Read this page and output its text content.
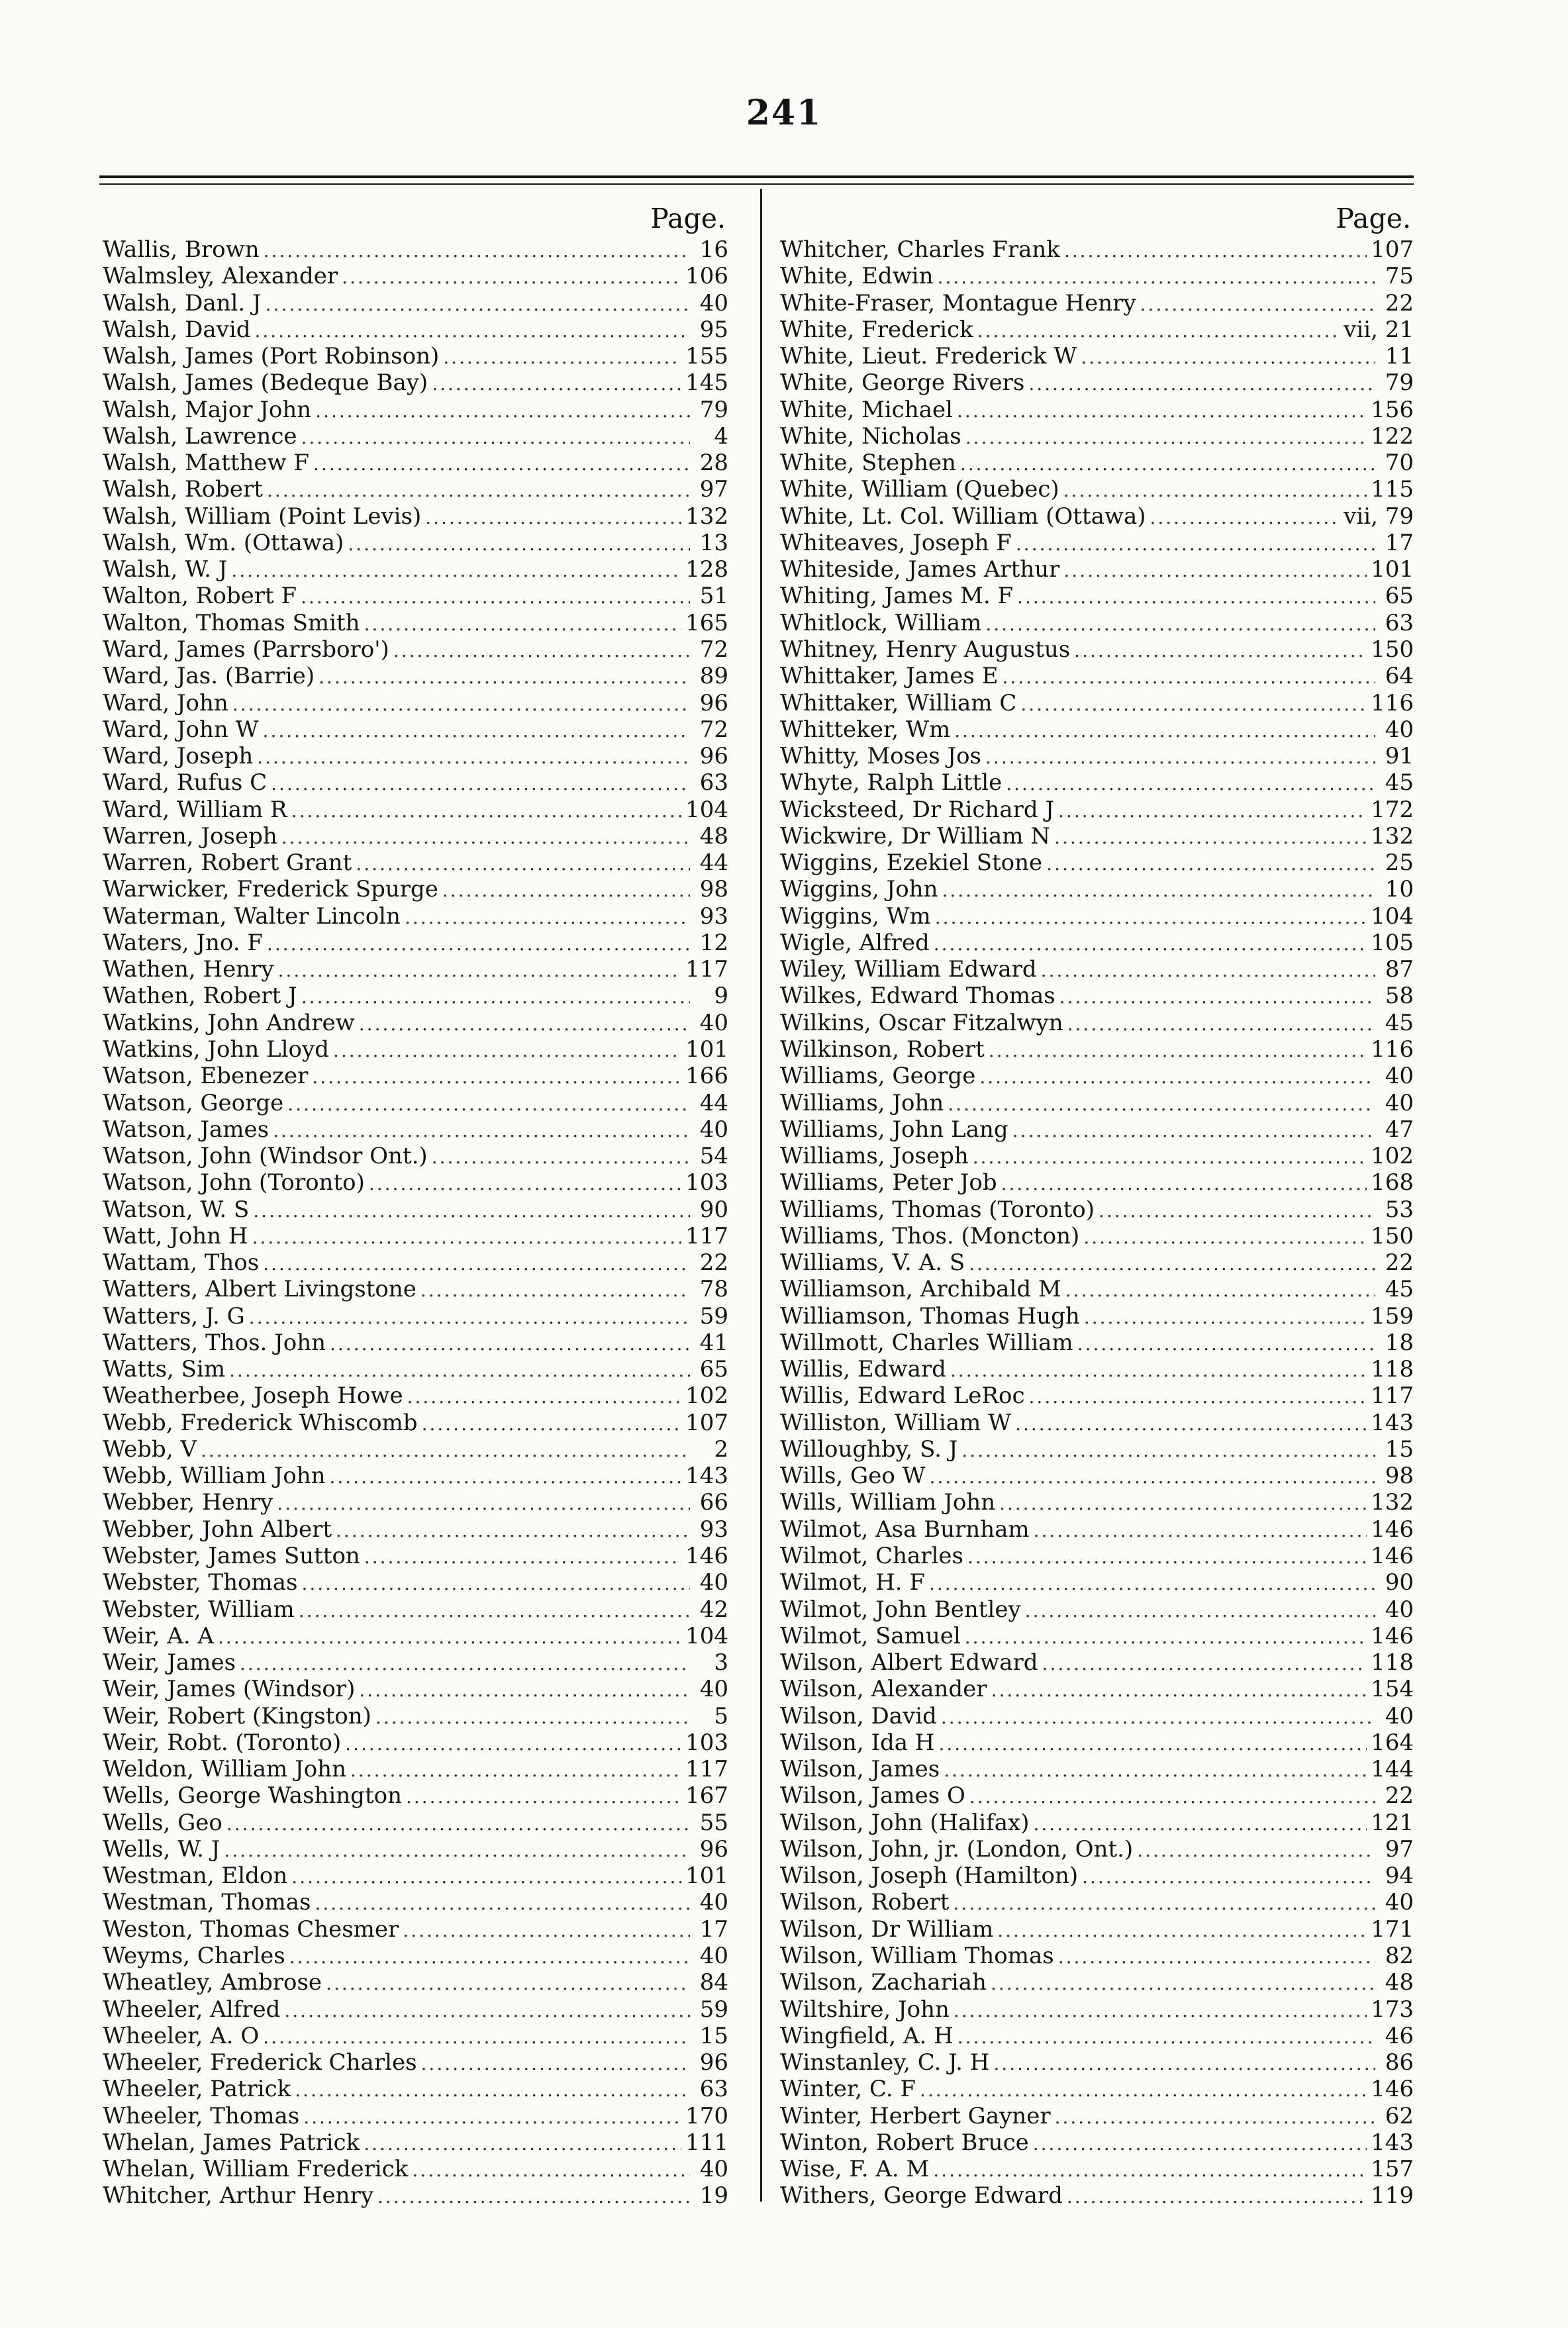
241
Page.
Wallis, Brown .....	16
Walmsley, Alexander .....	106
Walsh, Danl. J .....	40
Walsh, David .....	95
Walsh, James (Port Robinson) .....	155
Walsh, James (Bedeque Bay) .....	145
Walsh, Major John .....	79
Walsh, Lawrence .....	4
Walsh, Matthew F .....	28
Walsh, Robert .....	97
Walsh, William (Point Levis) .....	132
Walsh, Wm. (Ottawa) .....	13
Walsh, W. J .....	128
Walton, Robert F .....	51
Walton, Thomas Smith .....	165
Ward, James (Parrsboro') .....	72
Ward, Jas. (Barrie) .....	89
Ward, John .....	96
Ward, John W .....	72
Ward, Joseph .....	96
Ward, Rufus C .....	63
Ward, William R .....	104
Warren, Joseph .....	48
Warren, Robert Grant .....	44
Warwicker, Frederick Spurge .....	98
Waterman, Walter Lincoln .....	93
Waters, Jno. F .....	12
Wathen, Henry .....	117
Wathen, Robert J .....	9
Watkins, John Andrew .....	40
Watkins, John Lloyd .....	101
Watson, Ebenezer .....	166
Watson, George .....	44
Watson, James .....	40
Watson, John (Windsor Ont.) .....	54
Watson, John (Toronto) .....	103
Watson, W. S .....	90
Watt, John H .....	117
Wattam, Thos .....	22
Watters, Albert Livingstone .....	78
Watters, J. G .....	59
Watters, Thos. John .....	41
Watts, Sim .....	65
Weatherbee, Joseph Howe .....	102
Webb, Frederick Whiscomb .....	107
Webb, V .....	2
Webb, William John .....	143
Webber, Henry .....	66
Webber, John Albert .....	93
Webster, James Sutton .....	146
Webster, Thomas .....	40
Webster, William .....	42
Weir, A. A .....	104
Weir, James .....	3
Weir, James (Windsor) .....	40
Weir, Robert (Kingston) .....	5
Weir, Robt. (Toronto) .....	103
Weldon, William John .....	117
Wells, George Washington .....	167
Wells, Geo .....	55
Wells, W. J .....	96
Westman, Eldon .....	101
Westman, Thomas .....	40
Weston, Thomas Chesmer .....	17
Weyms, Charles .....	40
Wheatley, Ambrose .....	84
Wheeler, Alfred .....	59
Wheeler, A. O .....	15
Wheeler, Frederick Charles .....	96
Wheeler, Patrick .....	63
Wheeler, Thomas .....	170
Whelan, James Patrick .....	111
Whelan, William Frederick .....	40
Whitcher, Arthur Henry .....	19
Page.
Whitcher, Charles Frank .....	107
White, Edwin .....	75
White-Fraser, Montague Henry .....	22
White, Frederick .....	vii, 21
White, Lieut. Frederick W .....	11
White, George Rivers .....	79
White, Michael .....	156
White, Nicholas .....	122
White, Stephen .....	70
White, William (Quebec) .....	115
White, Lt. Col. William (Ottawa) .....	vii, 79
Whiteaves, Joseph F .....	17
Whiteside, James Arthur .....	101
Whiting, James M. F .....	65
Whitlock, William .....	63
Whitney, Henry Augustus .....	150
Whittaker, James E .....	64
Whittaker, William C .....	116
Whitteker, Wm .....	40
Whitty, Moses Jos .....	91
Whyte, Ralph Little .....	45
Wicksteed, Dr Richard J .....	172
Wickwire, Dr William N .....	132
Wiggins, Ezekiel Stone .....	25
Wiggins, John .....	10
Wiggins, Wm .....	104
Wigle, Alfred .....	105
Wiley, William Edward .....	87
Wilkes, Edward Thomas .....	58
Wilkins, Oscar Fitzalwyn .....	45
Wilkinson, Robert .....	116
Williams, George .....	40
Williams, John .....	40
Williams, John Lang .....	47
Williams, Joseph .....	102
Williams, Peter Job .....	168
Williams, Thomas (Toronto) .....	53
Williams, Thos. (Moncton) .....	150
Williams, V. A. S .....	22
Williamson, Archibald M .....	45
Williamson, Thomas Hugh .....	159
Willmott, Charles William .....	18
Willis, Edward .....	118
Willis, Edward LeRoc .....	117
Williston, William W .....	143
Willoughby, S. J .....	15
Wills, Geo W .....	98
Wills, William John .....	132
Wilmot, Asa Burnham .....	146
Wilmot, Charles .....	146
Wilmot, H. F .....	90
Wilmot, John Bentley .....	40
Wilmot, Samuel .....	146
Wilson, Albert Edward .....	118
Wilson, Alexander .....	154
Wilson, David .....	40
Wilson, Ida H .....	164
Wilson, James .....	144
Wilson, James O .....	22
Wilson, John (Halifax) .....	121
Wilson, John, jr. (London, Ont.) .....	97
Wilson, Joseph (Hamilton) .....	94
Wilson, Robert .....	40
Wilson, Dr William .....	171
Wilson, William Thomas .....	82
Wilson, Zachariah .....	48
Wiltshire, John .....	173
Wingfield, A. H .....	46
Winstanley, C. J. H .....	86
Winter, C. F .....	146
Winter, Herbert Gayner .....	62
Winton, Robert Bruce .....	143
Wise, F. A. M .....	157
Withers, George Edward .....	119
